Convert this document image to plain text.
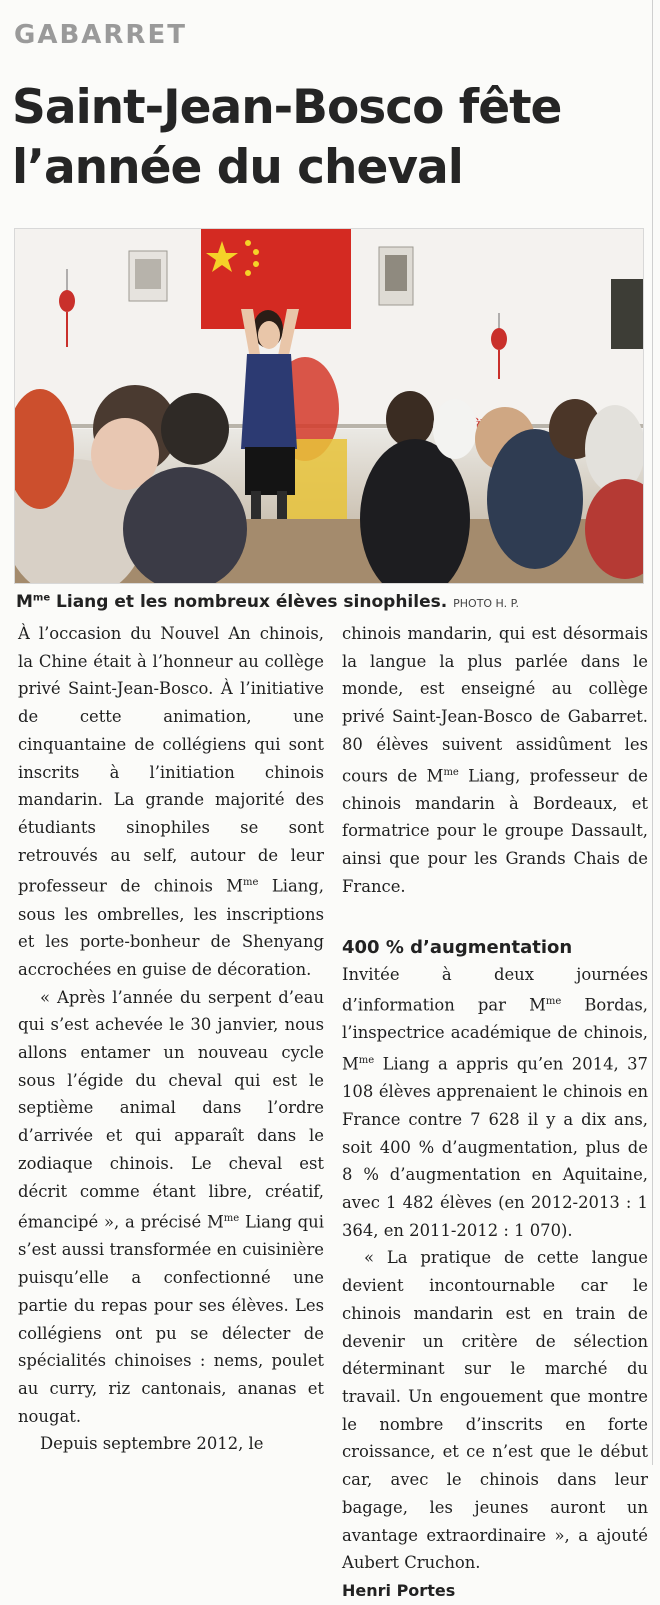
GABARRET
Saint-Jean-Bosco fête
l’année du cheval

$M^{me}$ Liang et les nombreux élèves sinophiles. PHOTO H. P.

À l’occasion du Nouvel An chinois, la Chine était à l’honneur au collège privé Saint-Jean-Bosco. À l’initiative de cette animation, une cinquantaine de collégiens qui sont inscrits à l’initiation chinois mandarin. La grande majorité des étudiants sinophiles se sont retrouvés au self, autour de leur professeur de chinois $M^{me}$ Liang, sous les ombrelles, les inscriptions et les porte-bonheur de Shenyang accrochées en guise de décoration.

« Après l’année du serpent d’eau qui s’est achevée le 30 janvier, nous allons entamer un nouveau cycle sous l’égide du cheval qui est le septième animal dans l’ordre d’arrivée et qui apparaît dans le zodiaque chinois. Le cheval est décrit comme étant libre, créatif, émancipé », a précisé $M^{me}$ Liang qui s’est aussi transformée en cuisinière puisqu’elle a confectionné une partie du repas pour ses élèves. Les collégiens ont pu se délecter de spécialités chinoises : nems, poulet au curry, riz cantonais, ananas et nougat.

Depuis septembre 2012, le

chinois mandarin, qui est désormais la langue la plus parlée dans le monde, est enseigné au collège privé Saint-Jean-Bosco de Gabarret. 80 élèves suivent assidûment les cours de $M^{me}$ Liang, professeur de chinois mandarin à Bordeaux, et formatrice pour le groupe Dassault, ainsi que pour les Grands Chais de France.

400 % d’augmentation

Invitée à deux journées d’information par $M^{me}$ Bordas, l’inspectrice académique de chinois, $M^{me}$ Liang a appris qu’en 2014, 37 108 élèves apprenaient le chinois en France contre 7 628 il y a dix ans, soit 400 % d’augmentation, plus de 8 % d’augmentation en Aquitaine, avec 1 482 élèves (en 2012-2013 : 1 364, en 2011-2012 : 1 070).

« La pratique de cette langue devient incontournable car le chinois mandarin est en train de devenir un critère de sélection déterminant sur le marché du travail. Un engouement que montre le nombre d’inscrits en forte croissance, et ce n’est que le début car, avec le chinois dans leur bagage, les jeunes auront un avantage extraordinaire », a ajouté Aubert Cruchon.

Henri Portes
